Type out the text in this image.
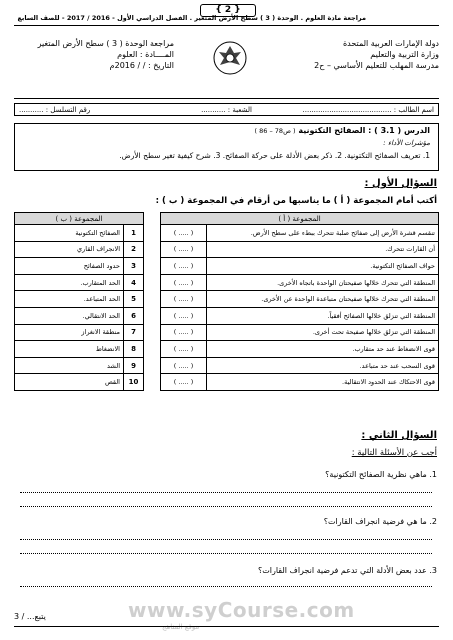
{ 2 }
مراجعة مادة العلوم . الوحدة ( 3 ) سطح الأرض المتغير . الفصل الدراسي الأول - 2016 / 2017 - للصف السابع
دولة الإمارات العربية المتحدة
وزارة التربية والتعليم
مدرسة المهلب للتعليم الأساسي – ح2
مراجعة الوحدة ( 3 ) سطح الأرض المتغير
المــــادة : العلوم
التاريخ : / / 2016م
اسم الطالب : ........................................
الشعبة : ...........
رقم التسلسل : ...........
الدرس ( 3.1 ) : الصفائح التكتونية ( ص78 – 86 )
مؤشرات الأداء :
1. تعريف الصفائح التكتونية. 2. ذكر بعض الأدلة على حركة الصفائح. 3. شرح كيفية تغير سطح الأرض.
السؤال الأول :
أكتب أمام المجموعة ( أ ) ما يناسبها من أرقام في المجموعة ( ب ) :
المجموعة ( أ )	
تنقسم قشرة الأرض إلى صفائح صلبة تتحرك ببطء على سطح الأرض.	( ..... )
أن القارات تتحرك.	( ..... )
حواف الصفائح التكتونية.	( ..... )
المنطقة التي تتحرك خلالها صفيحتان الواحدة باتجاه الأخرى.	( ..... )
المنطقة التي تتحرك خلالها صفيحتان متباعدة الواحدة عن الأخرى.	( ..... )
المنطقة التي تنزلق خلالها الصفائح أفقياً.	( ..... )
المنطقة التي تنزلق خلالها صفيحة تحت أخرى.	( ..... )
قوى الانضغاط عند حد متقارب.	( ..... )
قوى السحب عند حد متباعد.	( ..... )
قوى الاحتكاك عند الحدود الانتقالية.	( ..... )
المجموعة ( ب )	
1	الصفائح التكتونية
2	الانجراف القاري
3	حدود الصفائح
4	الحد المتقارب.
5	الحد المتباعد.
6	الحد الانتقالي.
7	منطقة الانغراز
8	الانضغاط
9	الشد
10	القص
السؤال الثاني :
أجب عن الأسئلة التالية :
1. ماهي نظرية الصفائح التكتونية؟
2. ما هي فرضية انجراف القارات؟
3. عدد بعض الأدلة التي تدعم فرضية انجراف القارات؟
www.syCourse.com
موقع المناهج
يتبع... / 3
